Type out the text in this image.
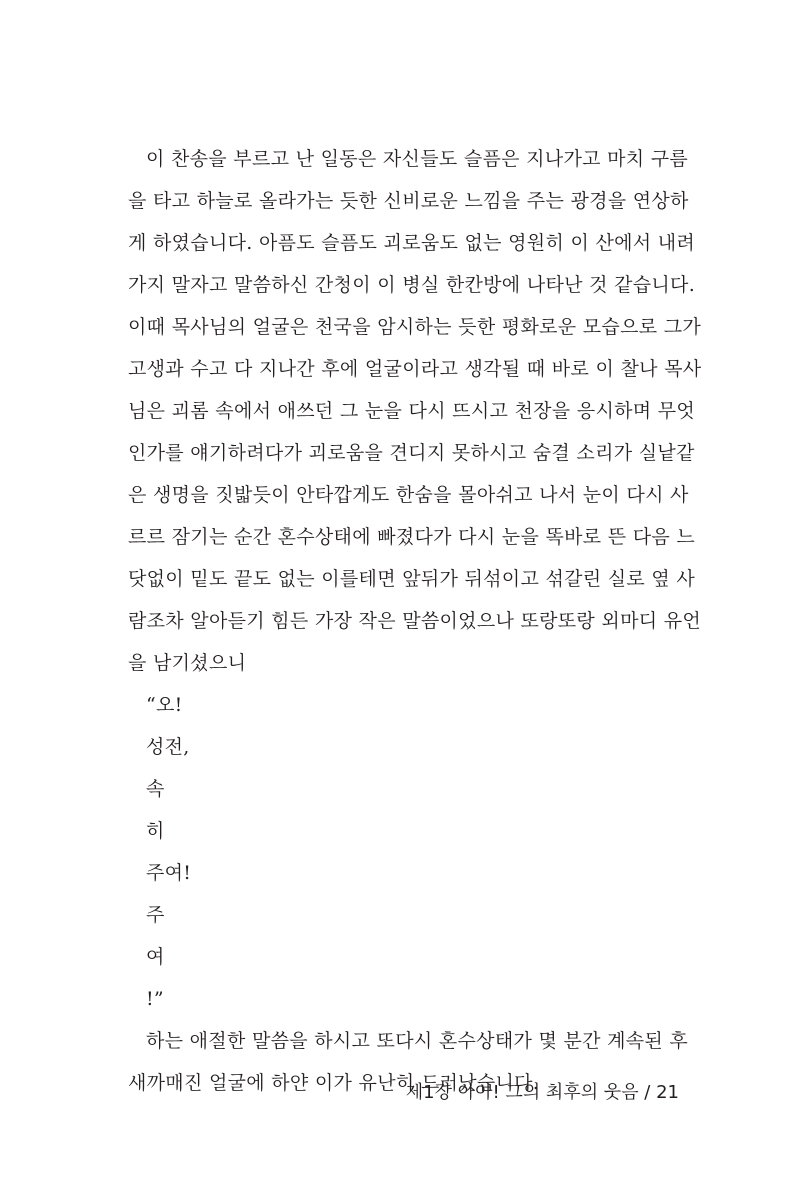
이 찬송을 부르고 난 일동은 자신들도 슬픔은 지나가고 마치 구름
을 타고 하늘로 올라가는 듯한 신비로운 느낌을 주는 광경을 연상하
게 하였습니다. 아픔도 슬픔도 괴로움도 없는 영원히 이 산에서 내려
가지 말자고 말씀하신 간청이 이 병실 한칸방에 나타난 것 같습니다.
이때 목사님의 얼굴은 천국을 암시하는 듯한 평화로운 모습으로 그가
고생과 수고 다 지나간 후에 얼굴이라고 생각될 때 바로 이 찰나 목사
님은 괴롬 속에서 애쓰던 그 눈을 다시 뜨시고 천장을 응시하며 무엇
인가를 얘기하려다가 괴로움을 견디지 못하시고 숨결 소리가 실낱같
은 생명을 짓밟듯이 안타깝게도 한숨을 몰아쉬고 나서 눈이 다시 사
르르 잠기는 순간 혼수상태에 빠졌다가 다시 눈을 똑바로 뜬 다음 느
닷없이 밑도 끝도 없는 이를테면 앞뒤가 뒤섞이고 섞갈린 실로 옆 사
람조차 알아듣기 힘든 가장 작은 말씀이었으나 또랑또랑 외마디 유언
을 남기셨으니
“오!
성전,
속
히
주여!
주
여
!”
하는 애절한 말씀을 하시고 또다시 혼수상태가 몇 분간 계속된 후
새까매진 얼굴에 하얀 이가 유난히 드러났습니다.
제1장 아아! 그의 최후의 웃음 / 21
